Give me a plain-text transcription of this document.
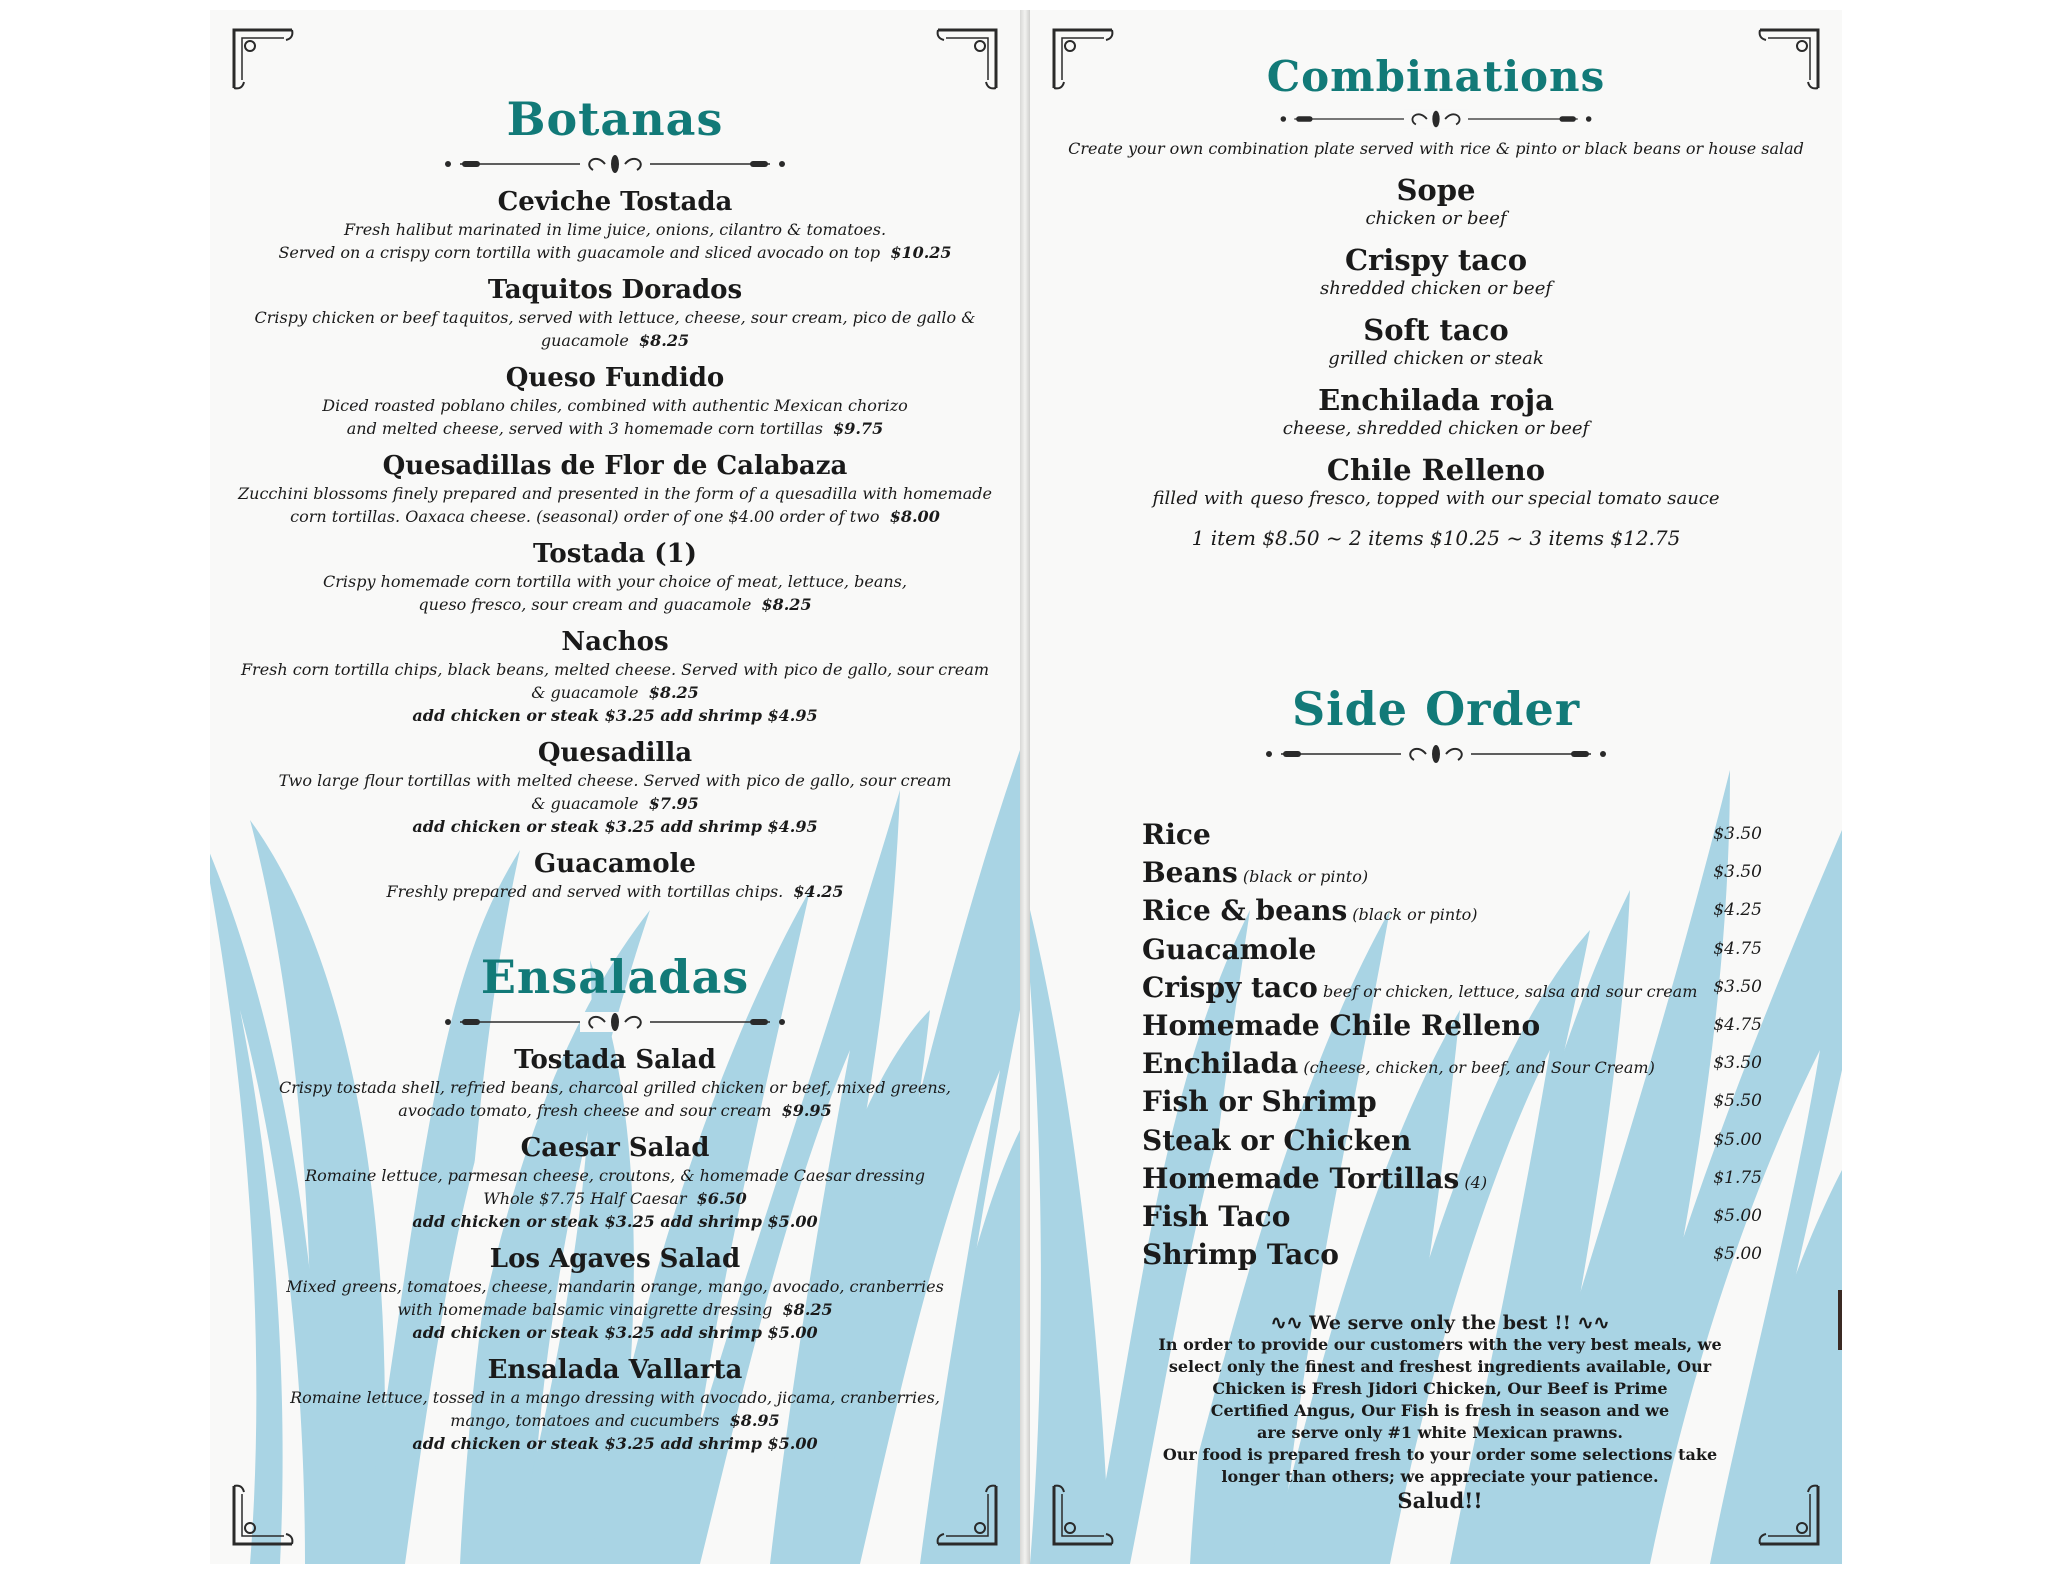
Botanas
Ceviche Tostada
Fresh halibut marinated in lime juice, onions, cilantro & tomatoes.
Served on a crispy corn tortilla with guacamole and sliced avocado on top $10.25
Taquitos Dorados
Crispy chicken or beef taquitos, served with lettuce, cheese, sour cream, pico de gallo & guacamole $8.25
Queso Fundido
Diced roasted poblano chiles, combined with authentic Mexican chorizo
and melted cheese, served with 3 homemade corn tortillas $9.75
Quesadillas de Flor de Calabaza
Zucchini blossoms finely prepared and presented in the form of a quesadilla with homemade
corn tortillas. Oaxaca cheese. (seasonal) order of one $4.00 order of two $8.00
Tostada (1)
Crispy homemade corn tortilla with your choice of meat, lettuce, beans,
queso fresco, sour cream and guacamole $8.25
Nachos
Fresh corn tortilla chips, black beans, melted cheese. Served with pico de gallo, sour cream
& guacamole $8.25
add chicken or steak $3.25 add shrimp $4.95
Quesadilla
Two large flour tortillas with melted cheese. Served with pico de gallo, sour cream
& guacamole $7.95
add chicken or steak $3.25 add shrimp $4.95
Guacamole
Freshly prepared and served with tortillas chips. $4.25
Ensaladas
Tostada Salad
Crispy tostada shell, refried beans, charcoal grilled chicken or beef, mixed greens,
avocado tomato, fresh cheese and sour cream $9.95
Caesar Salad
Romaine lettuce, parmesan cheese, croutons, & homemade Caesar dressing
Whole $7.75 Half Caesar $6.50
add chicken or steak $3.25 add shrimp $5.00
Los Agaves Salad
Mixed greens, tomatoes, cheese, mandarin orange, mango, avocado, cranberries
with homemade balsamic vinaigrette dressing $8.25
add chicken or steak $3.25 add shrimp $5.00
Ensalada Vallarta
Romaine lettuce, tossed in a mango dressing with avocado, jicama, cranberries,
mango, tomatoes and cucumbers $8.95
add chicken or steak $3.25 add shrimp $5.00
Combinations
Create your own combination plate served with rice & pinto or black beans or house salad
Sope
chicken or beef
Crispy taco
shredded chicken or beef
Soft taco
grilled chicken or steak
Enchilada roja
cheese, shredded chicken or beef
Chile Relleno
filled with queso fresco, topped with our special tomato sauce
1 item $8.50 ~ 2 items $10.25 ~ 3 items $12.75
Side Order
Rice	$3.50
Beans (black or pinto)	$3.50
Rice & beans (black or pinto)	$4.25
Guacamole	$4.75
Crispy taco beef or chicken, lettuce, salsa and sour cream $3.50
Homemade Chile Relleno	$4.75
Enchilada (cheese, chicken, or beef, and Sour Cream)	$3.50
Fish or Shrimp	$5.50
Steak or Chicken	$5.00
Homemade Tortillas (4)	$1.75
Fish Taco	$5.00
Shrimp Taco	$5.00
∿∿ We serve only the best !! ∿∿
In order to provide our customers with the very best meals, we
select only the finest and freshest ingredients available, Our
Chicken is Fresh Jidori Chicken, Our Beef is Prime
Certified Angus, Our Fish is fresh in season and we
are serve only #1 white Mexican prawns.
Our food is prepared fresh to your order some selections take
longer than others; we appreciate your patience.
Salud!!
